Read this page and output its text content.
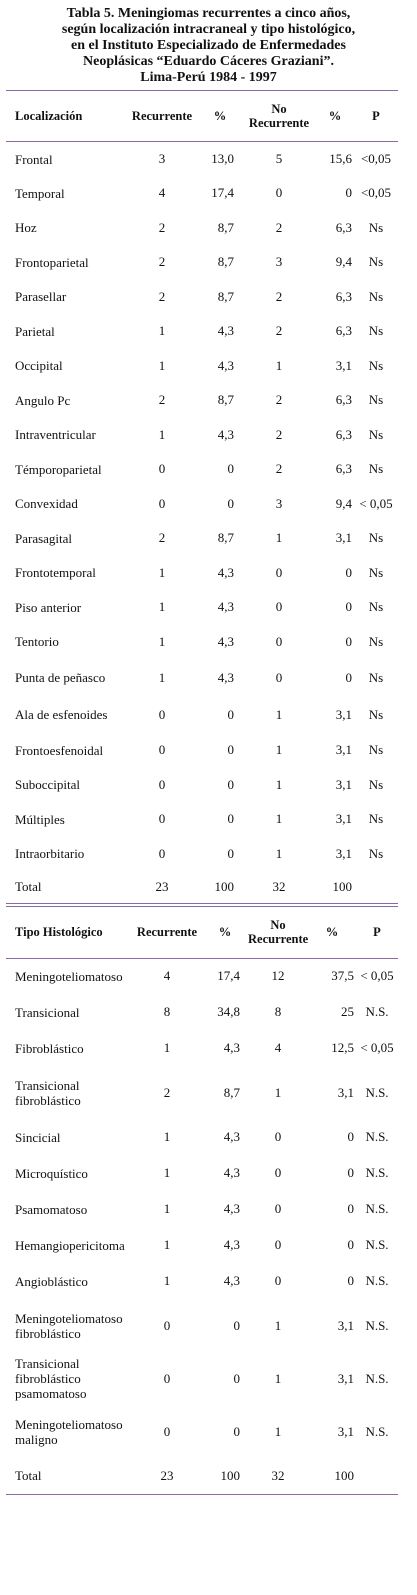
Tabla 5. Meningiomas recurrentes a cinco años,
según localización intracraneal y tipo histológico,
en el Instituto Especializado de Enfermedades
Neoplásicas “Eduardo Cáceres Graziani”.
Lima-Perú 1984 - 1997
Localización	Recurrente	%	No Recurrente	%	P
Frontal	3	13,0	5	15,6	<0,05
Temporal	4	17,4	0	0	<0,05
Hoz	2	8,7	2	6,3	Ns
Frontoparietal	2	8,7	3	9,4	Ns
Parasellar	2	8,7	2	6,3	Ns
Parietal	1	4,3	2	6,3	Ns
Occipital	1	4,3	1	3,1	Ns
Angulo Pc	2	8,7	2	6,3	Ns
Intraventricular	1	4,3	2	6,3	Ns
Témporoparietal	0	0	2	6,3	Ns
Convexidad	0	0	3	9,4	< 0,05
Parasagital	2	8,7	1	3,1	Ns
Frontotemporal	1	4,3	0	0	Ns
Piso anterior	1	4,3	0	0	Ns
Tentorio	1	4,3	0	0	Ns
Punta de peñasco	1	4,3	0	0	Ns
Ala de esfenoides	0	0	1	3,1	Ns
Frontoesfenoidal	0	0	1	3,1	Ns
Suboccipital	0	0	1	3,1	Ns
Múltiples	0	0	1	3,1	Ns
Intraorbitario	0	0	1	3,1	Ns
Total	23	100	32	100	
Tipo Histológico	Recurrente	%	No Recurrente	%	P
Meningoteliomatoso	4	17,4	12	37,5	< 0,05
Transicional	8	34,8	8	25	N.S.
Fibroblástico	1	4,3	4	12,5	< 0,05
Transicional fibroblástico	2	8,7	1	3,1	N.S.
Sincicial	1	4,3	0	0	N.S.
Microquístico	1	4,3	0	0	N.S.
Psamomatoso	1	4,3	0	0	N.S.
Hemangiopericitoma	1	4,3	0	0	N.S.
Angioblástico	1	4,3	0	0	N.S.
Meningoteliomatoso fibroblástico	0	0	1	3,1	N.S.
Transicional fibroblástico psamomatoso	0	0	1	3,1	N.S.
Meningoteliomatoso maligno	0	0	1	3,1	N.S.
Total	23	100	32	100	
